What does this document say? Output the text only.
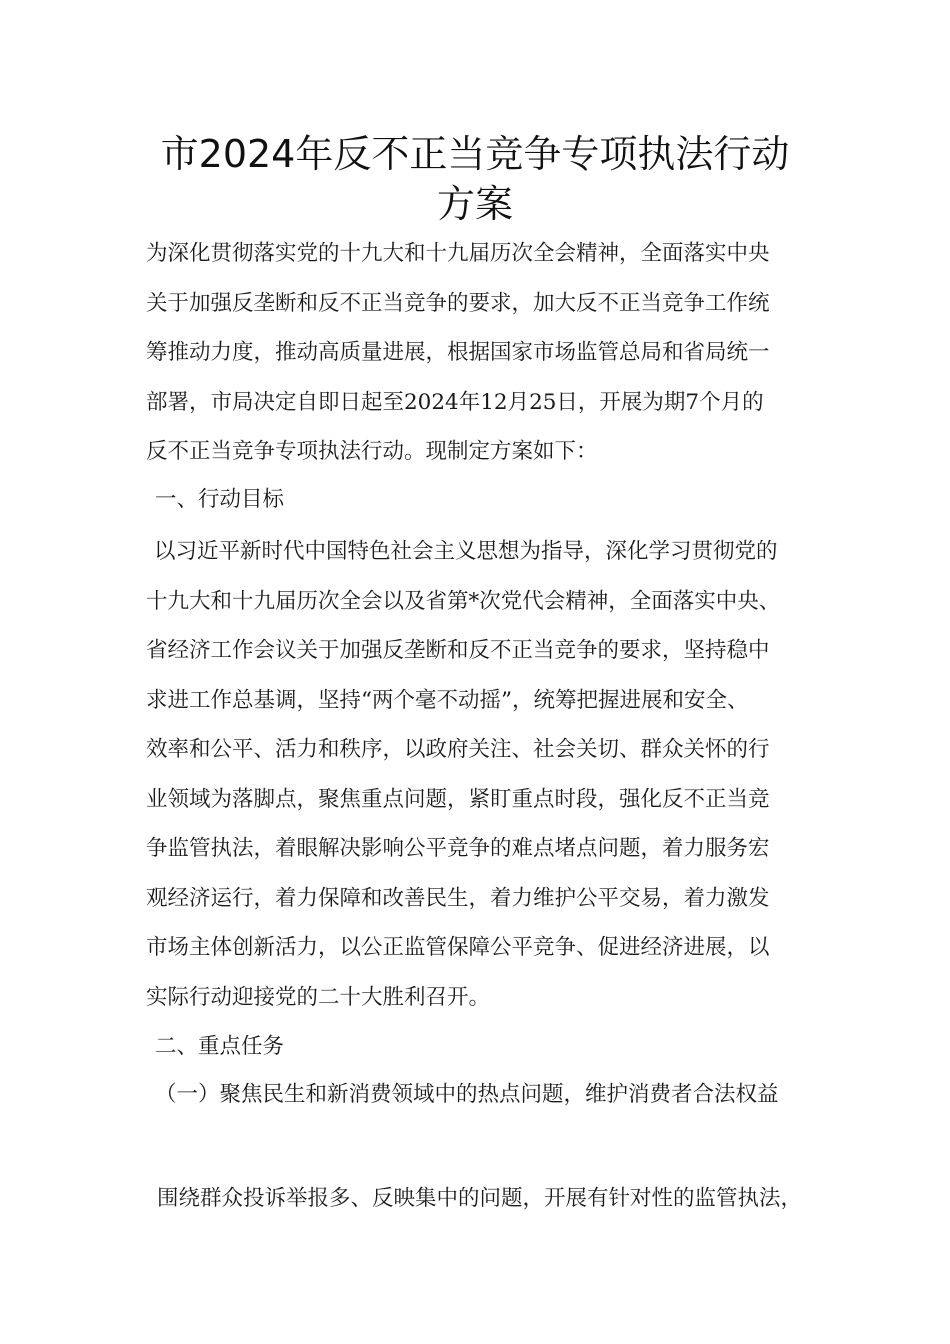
市2024年反不正当竞争专项执法行动
方案
为深化贯彻落实党的十九大和十九届历次全会精神，全面落实中央
关于加强反垄断和反不正当竞争的要求，加大反不正当竞争工作统
筹推动力度，推动高质量进展，根据国家市场监管总局和省局统一
部署，市局决定自即日起至2024年12月25日，开展为期7个月的
反不正当竞争专项执法行动。现制定方案如下：
一、行动目标
以习近平新时代中国特色社会主义思想为指导，深化学习贯彻党的
十九大和十九届历次全会以及省第*次党代会精神，全面落实中央、
省经济工作会议关于加强反垄断和反不正当竞争的要求，坚持稳中
求进工作总基调，坚持“两个毫不动摇”，统筹把握进展和安全、
效率和公平、活力和秩序，以政府关注、社会关切、群众关怀的行
业领域为落脚点，聚焦重点问题，紧盯重点时段，强化反不正当竞
争监管执法，着眼解决影响公平竞争的难点堵点问题，着力服务宏
观经济运行，着力保障和改善民生，着力维护公平交易，着力激发
市场主体创新活力，以公正监管保障公平竞争、促进经济进展，以
实际行动迎接党的二十大胜利召开。
二、重点任务
（一）聚焦民生和新消费领域中的热点问题，维护消费者合法权益
围绕群众投诉举报多、反映集中的问题，开展有针对性的监管执法，
